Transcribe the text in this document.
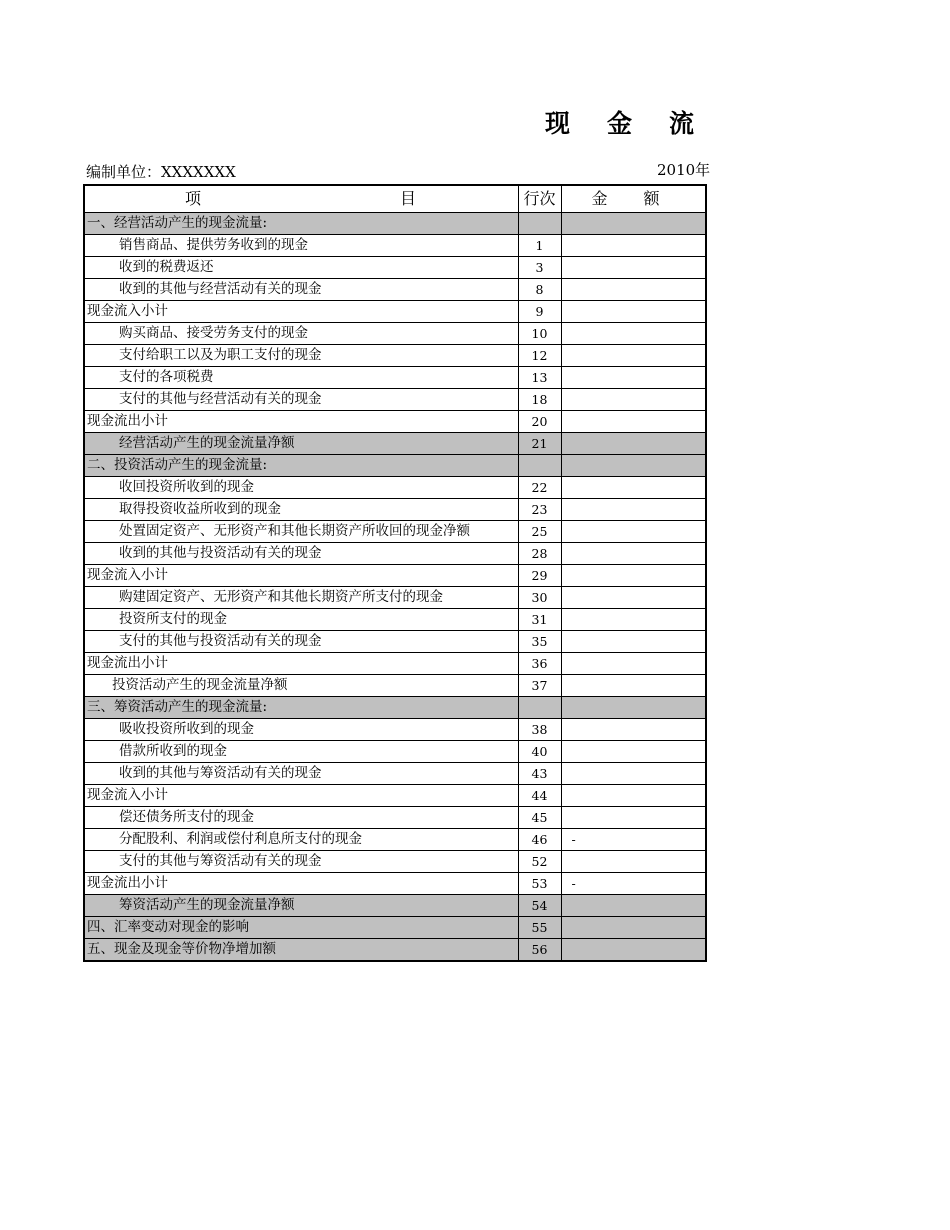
现金流
编制单位：XXXXXXX	2010年
项 目	行次	金额
一、经营活动产生的现金流量:		
销售商品、提供劳务收到的现金	1	
收到的税费返还	3	
收到的其他与经营活动有关的现金	8	
现金流入小计	9	
购买商品、接受劳务支付的现金	10	
支付给职工以及为职工支付的现金	12	
支付的各项税费	13	
支付的其他与经营活动有关的现金	18	
现金流出小计	20	
经营活动产生的现金流量净额	21	
二、投资活动产生的现金流量:		
收回投资所收到的现金	22	
取得投资收益所收到的现金	23	
处置固定资产、无形资产和其他长期资产所收回的现金净额	25	
收到的其他与投资活动有关的现金	28	
现金流入小计	29	
购建固定资产、无形资产和其他长期资产所支付的现金	30	
投资所支付的现金	31	
支付的其他与投资活动有关的现金	35	
现金流出小计	36	
投资活动产生的现金流量净额	37	
三、筹资活动产生的现金流量:		
吸收投资所收到的现金	38	
借款所收到的现金	40	
收到的其他与筹资活动有关的现金	43	
现金流入小计	44	
偿还债务所支付的现金	45	
分配股利、利润或偿付利息所支付的现金	46	-
支付的其他与筹资活动有关的现金	52	
现金流出小计	53	-
筹资活动产生的现金流量净额	54	
四、汇率变动对现金的影响	55	
五、现金及现金等价物净增加额	56	
